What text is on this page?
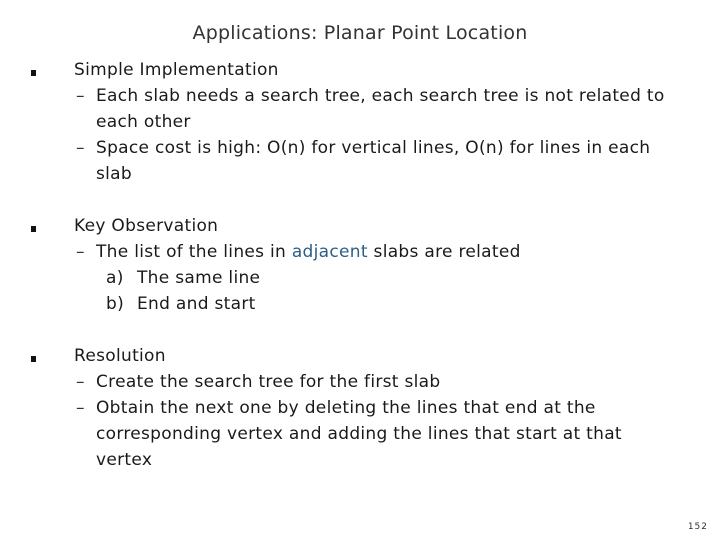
Applications: Planar Point Location
Simple Implementation
– Each slab needs a search tree, each search tree is not related to
each other
– Space cost is high: O(n) for vertical lines, O(n) for lines in each
slab
Key Observation
– The list of the lines in adjacent slabs are related
a) The same line
b) End and start
Resolution
– Create the search tree for the first slab
– Obtain the next one by deleting the lines that end at the
corresponding vertex and adding the lines that start at that
vertex
152
